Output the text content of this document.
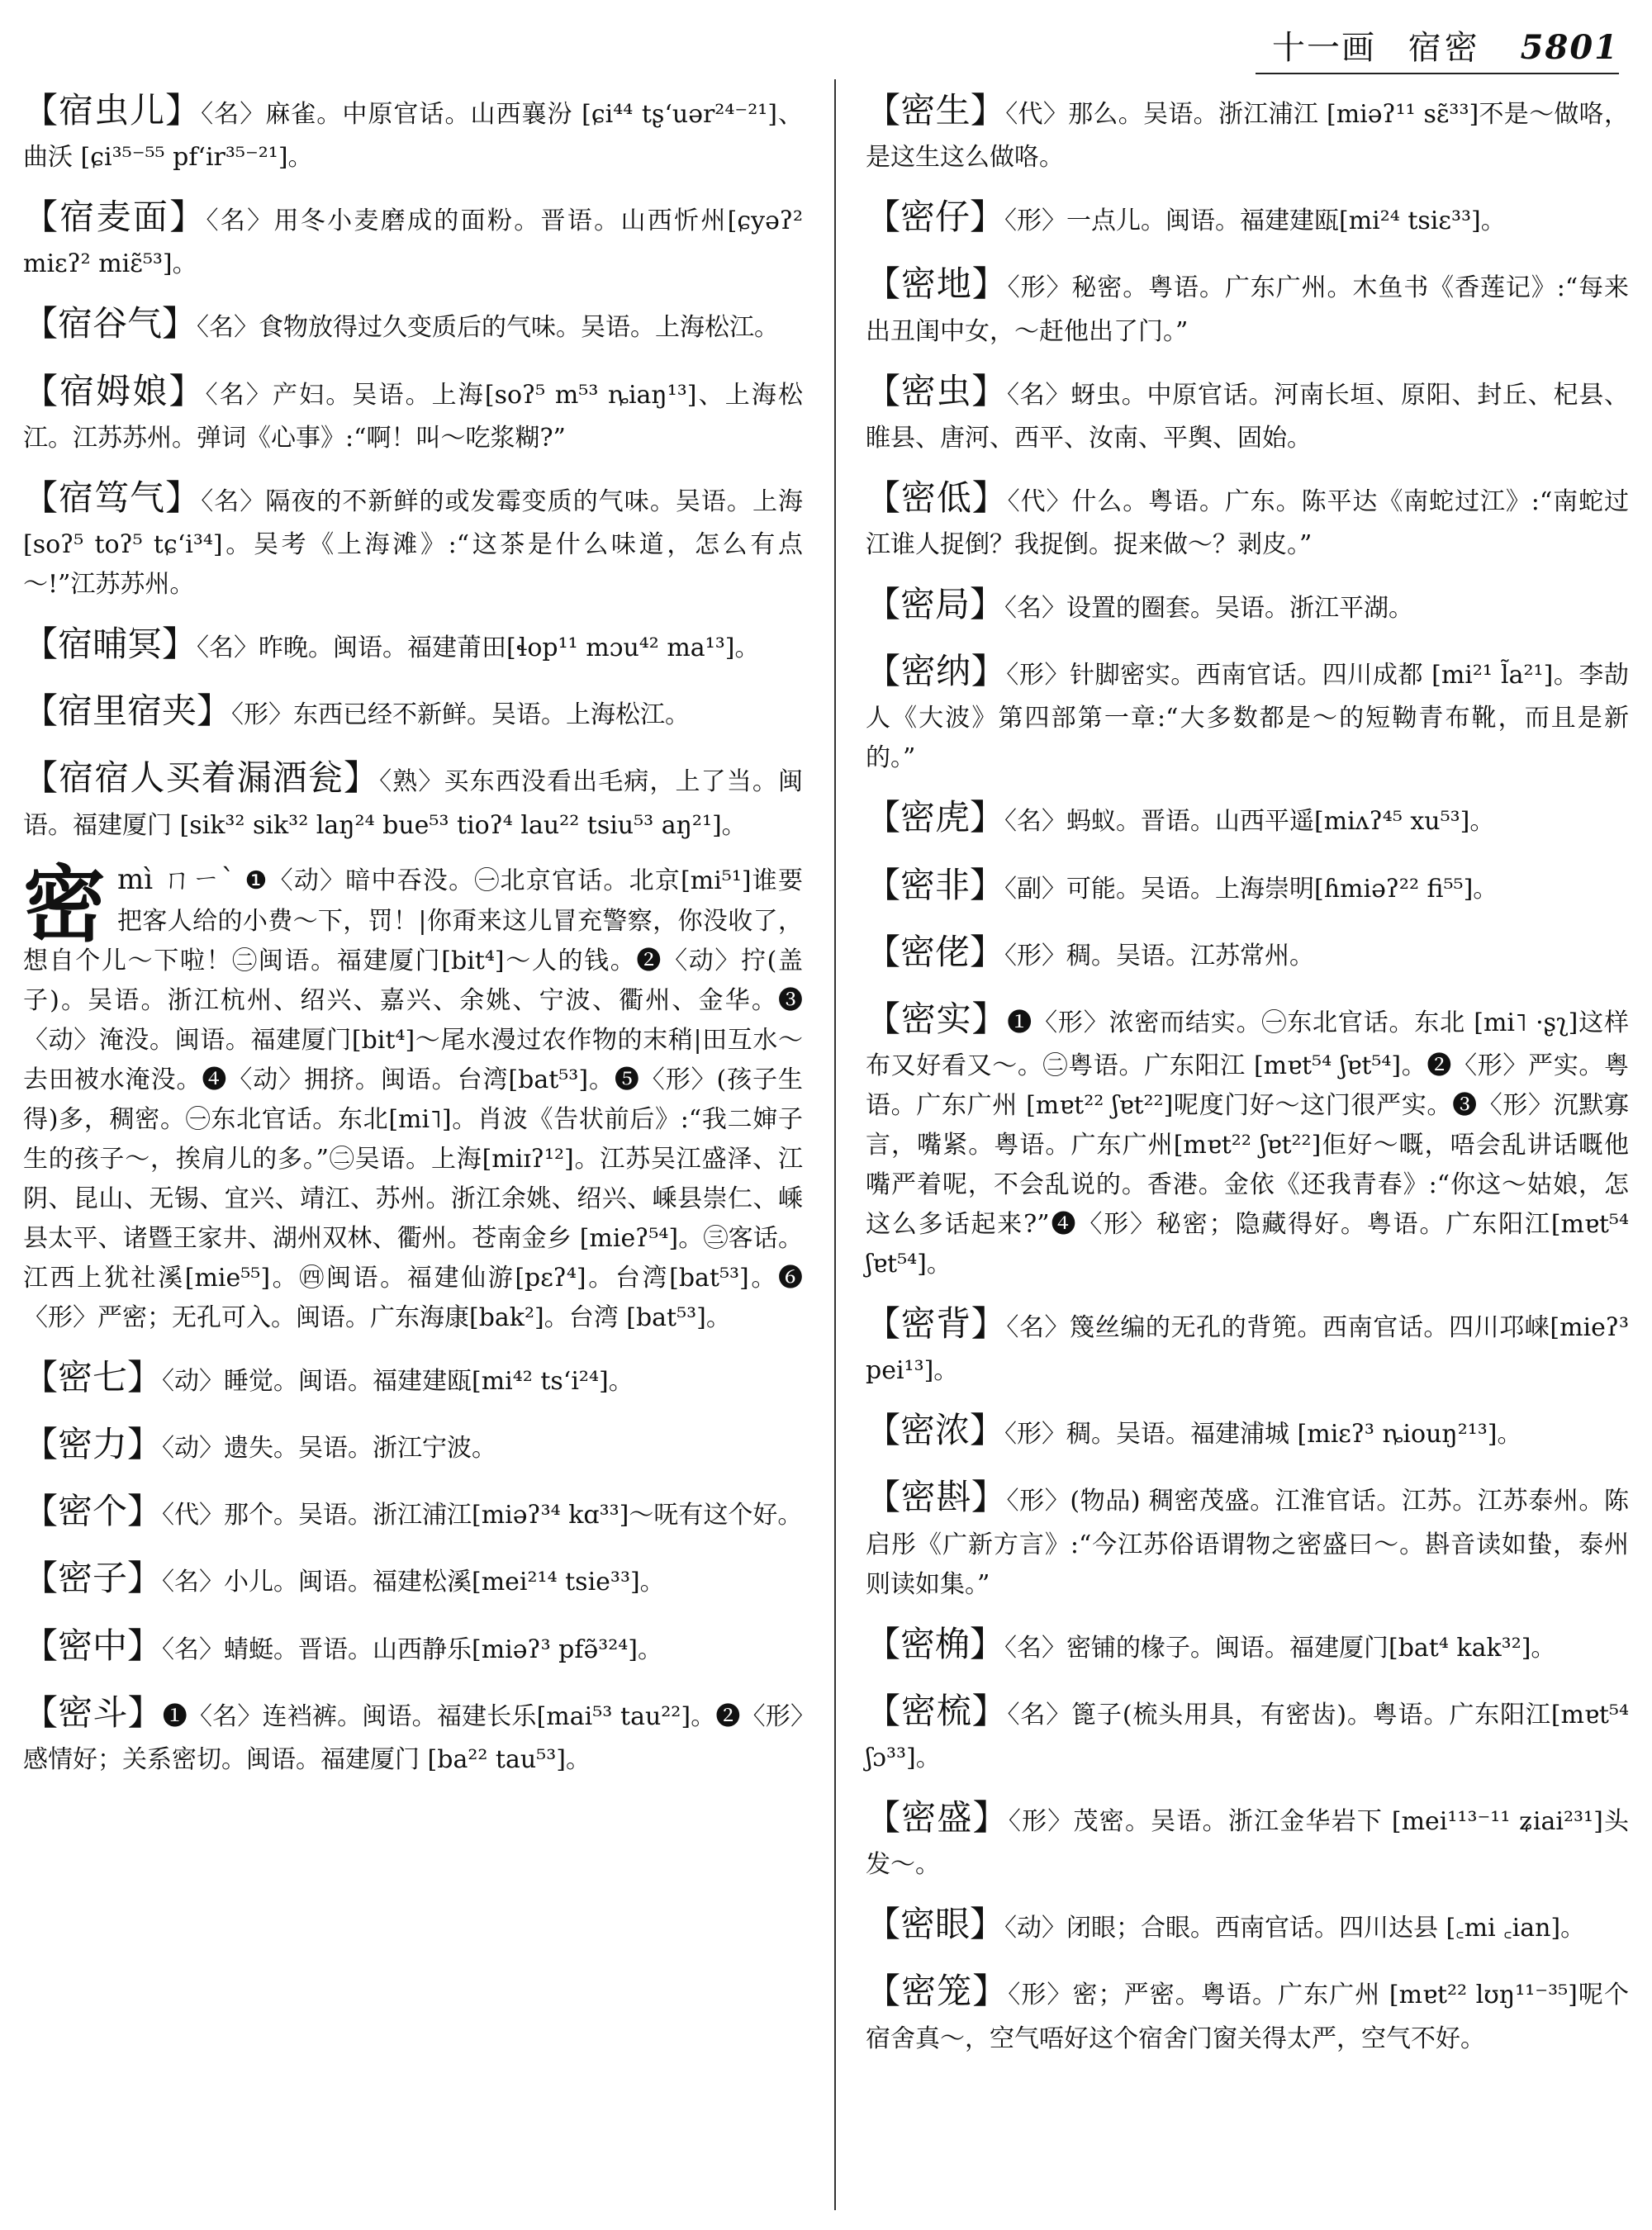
十一画 宿密 5801

【宿虫儿】〈名〉麻雀。中原官话。山西襄汾 [ɕi⁴⁴ tʂʻuər²⁴⁻²¹]、曲沃 [ɕi³⁵⁻⁵⁵ pfʻir³⁵⁻²¹]。

【宿麦面】〈名〉用冬小麦磨成的面粉。晋语。山西忻州[ɕyəʔ² miɛʔ² miɛ̃⁵³]。

【宿谷气】〈名〉食物放得过久变质后的气味。吴语。上海松江。

【宿姆娘】〈名〉产妇。吴语。上海[soʔ⁵ m⁵³ ȵiaŋ¹³]、上海松江。江苏苏州。弹词《心事》:“啊！叫～吃浆糊?”

【宿笃气】〈名〉隔夜的不新鲜的或发霉变质的气味。吴语。上海 [soʔ⁵ toʔ⁵ tɕʻi³⁴]。吴考《上海滩》:“这茶是什么味道，怎么有点～!”江苏苏州。

【宿晡冥】〈名〉昨晚。闽语。福建莆田[ɬop¹¹ mɔu⁴² ma¹³]。

【宿里宿夹】〈形〉东西已经不新鲜。吴语。上海松江。

【宿宿人买着漏酒瓮】〈熟〉买东西没看出毛病，上了当。闽语。福建厦门 [sik³² sik³² laŋ²⁴ bue⁵³ tioʔ⁴ lau²² tsiu⁵³ aŋ²¹]。

密mì ㄇㄧˋ ❶〈动〉暗中吞没。㊀北京官话。北京[mi⁵¹]谁要把客人给的小费～下，罚！|你甭来这儿冒充警察，你没收了，想自个儿～下啦！㊁闽语。福建厦门[bit⁴]～人的钱。❷〈动〉拧(盖子)。吴语。浙江杭州、绍兴、嘉兴、余姚、宁波、衢州、金华。❸〈动〉淹没。闽语。福建厦门[bit⁴]～尾水漫过农作物的末稍|田互水～去田被水淹没。❹〈动〉拥挤。闽语。台湾[bat⁵³]。❺〈形〉(孩子生得)多，稠密。㊀东北官话。东北[mi˥]。肖波《告状前后》:“我二婶子生的孩子～，挨肩儿的多。”㊁吴语。上海[miɪʔ¹²]。江苏吴江盛泽、江阴、昆山、无锡、宜兴、靖江、苏州。浙江余姚、绍兴、嵊县崇仁、嵊县太平、诸暨王家井、湖州双林、衢州。苍南金乡 [mieʔ⁵⁴]。㊂客话。江西上犹社溪[mie⁵⁵]。㊃闽语。福建仙游[pɛʔ⁴]。台湾[bat⁵³]。❻〈形〉严密；无孔可入。闽语。广东海康[bak²]。台湾 [bat⁵³]。

【密七】〈动〉睡觉。闽语。福建建瓯[mi⁴² tsʻi²⁴]。

【密力】〈动〉遗失。吴语。浙江宁波。

【密个】〈代〉那个。吴语。浙江浦江[miəʔ³⁴ kɑ³³]～呒有这个好。

【密子】〈名〉小儿。闽语。福建松溪[mei²¹⁴ tsie³³]。

【密中】〈名〉蜻蜓。晋语。山西静乐[miəʔ³ pfə̃³²⁴]。

【密斗】❶〈名〉连裆裤。闽语。福建长乐[mai⁵³ tau²²]。❷〈形〉感情好；关系密切。闽语。福建厦门 [ba²² tau⁵³]。

【密生】〈代〉那么。吴语。浙江浦江 [miəʔ¹¹ sɛ̃³³]不是～做咯，是这生这么做咯。

【密仔】〈形〉一点儿。闽语。福建建瓯[mi²⁴ tsiɛ³³]。

【密地】〈形〉秘密。粤语。广东广州。木鱼书《香莲记》:“每来出丑闺中女，～赶他出了门。”

【密虫】〈名〉蚜虫。中原官话。河南长垣、原阳、封丘、杞县、睢县、唐河、西平、汝南、平舆、固始。

【密低】〈代〉什么。粤语。广东。陈平达《南蛇过江》:“南蛇过江谁人捉倒？我捉倒。捉来做～？剥皮。”

【密局】〈名〉设置的圈套。吴语。浙江平湖。

【密纳】〈形〉针脚密实。西南官话。四川成都 [mi²¹ l̃a²¹]。李劼人《大波》第四部第一章:“大多数都是～的短靿青布靴，而且是新的。”

【密虎】〈名〉蚂蚁。晋语。山西平遥[miʌʔ⁴⁵ xu⁵³]。

【密非】〈副〉可能。吴语。上海崇明[ɦmiəʔ²² fi⁵⁵]。

【密佬】〈形〉稠。吴语。江苏常州。

【密实】❶〈形〉浓密而结实。㊀东北官话。东北 [mi˥ ·ʂʅ]这样布又好看又～。㊁粤语。广东阳江 [mɐt⁵⁴ ʃɐt⁵⁴]。❷〈形〉严实。粤语。广东广州 [mɐt²² ʃɐt²²]呢度门好～这门很严实。❸〈形〉沉默寡言，嘴紧。粤语。广东广州[mɐt²² ʃɐt²²]佢好～嘅，唔会乱讲话嘅他嘴严着呢，不会乱说的。香港。金依《还我青春》:“你这～姑娘，怎这么多话起来?”❹〈形〉秘密；隐藏得好。粤语。广东阳江[mɐt⁵⁴ ʃɐt⁵⁴]。

【密背】〈名〉篾丝编的无孔的背篼。西南官话。四川邛崃[mieʔ³ pei¹³]。

【密浓】〈形〉稠。吴语。福建浦城 [miɛʔ³ ȵiouŋ²¹³]。

【密斟】〈形〉(物品) 稠密茂盛。江淮官话。江苏。江苏泰州。陈启彤《广新方言》:“今江苏俗语谓物之密盛曰～。斟音读如蛰，泰州则读如集。”

【密桷】〈名〉密铺的椽子。闽语。福建厦门[bat⁴ kak³²]。

【密梳】〈名〉篦子(梳头用具，有密齿)。粤语。广东阳江[mɐt⁵⁴ ʃɔ³³]。

【密盛】〈形〉茂密。吴语。浙江金华岩下 [mei¹¹³⁻¹¹ ʑiai²³¹]头发～。

【密眼】〈动〉闭眼；合眼。西南官话。四川达县 [꜀mi ꜀ian]。

【密笼】〈形〉密；严密。粤语。广东广州 [mɐt²² lʊŋ¹¹⁻³⁵]呢个宿舍真～，空气唔好这个宿舍门窗关得太严，空气不好。
